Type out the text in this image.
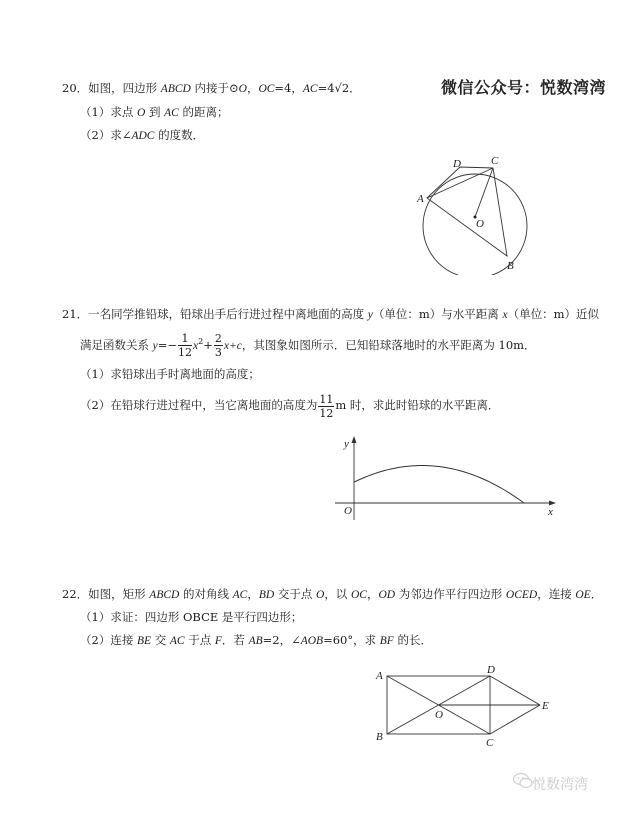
微信公众号：悦数湾湾
20．如图，四边形 ABCD 内接于⊙O，OC=4，AC=4√2．
（1）求点 O 到 AC 的距离；
（2）求∠ADC 的度数．
D	C
A
O
B
21．一名同学推铅球，铅球出手后行进过程中离地面的高度 y（单位：m）与水平距离 x（单位：m）近似
满足函数关系 $y=- \frac{1}{12} x^2+ \frac{2}{3} x+c$，其图象如图所示．已知铅球落地时的水平距离为 10m．
（1）求铅球出手时离地面的高度；
（2）在铅球行进过程中，当它离地面的高度为 $\frac{11}{12}$ m 时，求此时铅球的水平距离．
y
x
O
22．如图，矩形 ABCD 的对角线 AC，BD 交于点 O，以 OC，OD 为邻边作平行四边形 OCED，连接 OE．
（1）求证：四边形 OBCE 是平行四边形；
（2）连接 BE 交 AC 于点 F．若 AB=2，∠AOB=60°，求 BF 的长．
A
B	C
D
E
O
悦数湾湾
